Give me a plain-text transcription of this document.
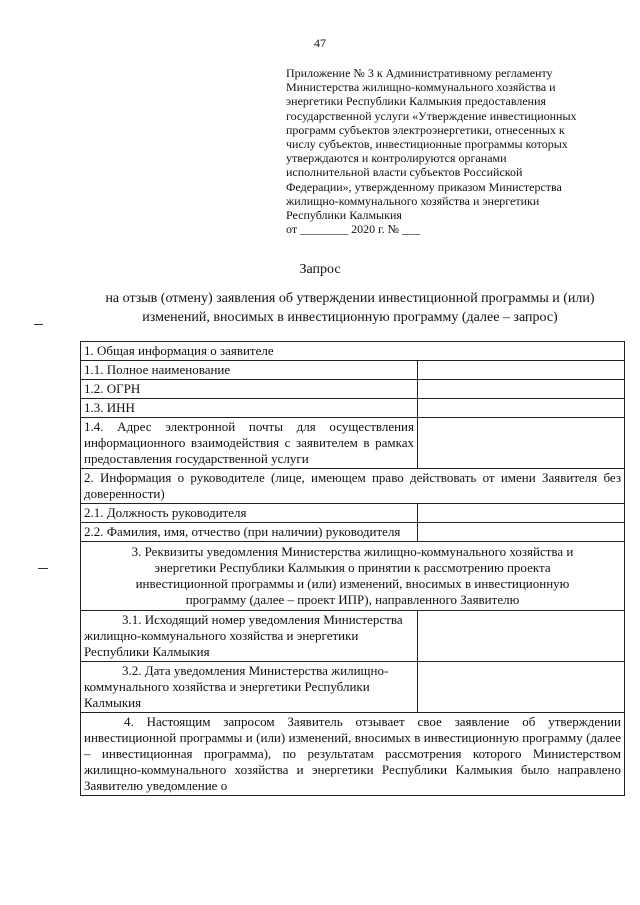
47
Приложение № 3 к Административному регламенту
Министерства жилищно-коммунального хозяйства и
энергетики Республики Калмыкия предоставления
государственной услуги «Утверждение инвестиционных
программ субъектов электроэнергетики, отнесенных к
числу субъектов, инвестиционные программы которых
утверждаются и контролируются органами
исполнительной власти субъектов Российской
Федерации», утвержденному приказом Министерства
жилищно-коммунального хозяйства и энергетики
Республики Калмыкия
от ________ 2020 г. № ___
Запрос
на отзыв (отмену) заявления об утверждении инвестиционной программы и (или) изменений, вносимых в инвестиционную программу (далее – запрос)
1. Общая информация о заявителе	
1.1. Полное наименование	
1.2. ОГРН	
1.3. ИНН	
1.4. Адрес электронной почты для осуществления информационного взаимодействия с заявителем в рамках предоставления государственной услуги	
2. Информация о руководителе (лице, имеющем право действовать от имени Заявителя без доверенности)	
2.1. Должность руководителя	
2.2. Фамилия, имя, отчество (при наличии) руководителя	
3. Реквизиты уведомления Министерства жилищно-коммунального хозяйства и энергетики Республики Калмыкия о принятии к рассмотрению проекта инвестиционной программы и (или) изменений, вносимых в инвестиционную программу (далее – проект ИПР), направленного Заявителю	
3.1. Исходящий номер уведомления Министерства жилищно-коммунального хозяйства и энергетики Республики Калмыкия	
3.2. Дата уведомления Министерства жилищно-коммунального хозяйства и энергетики Республики Калмыкия	
4. Настоящим запросом Заявитель отзывает свое заявление об утверждении инвестиционной программы и (или) изменений, вносимых в инвестиционную программу (далее – инвестиционная программа), по результатам рассмотрения которого Министерством жилищно-коммунального хозяйства и энергетики Республики Калмыкия было направлено Заявителю уведомление о	
